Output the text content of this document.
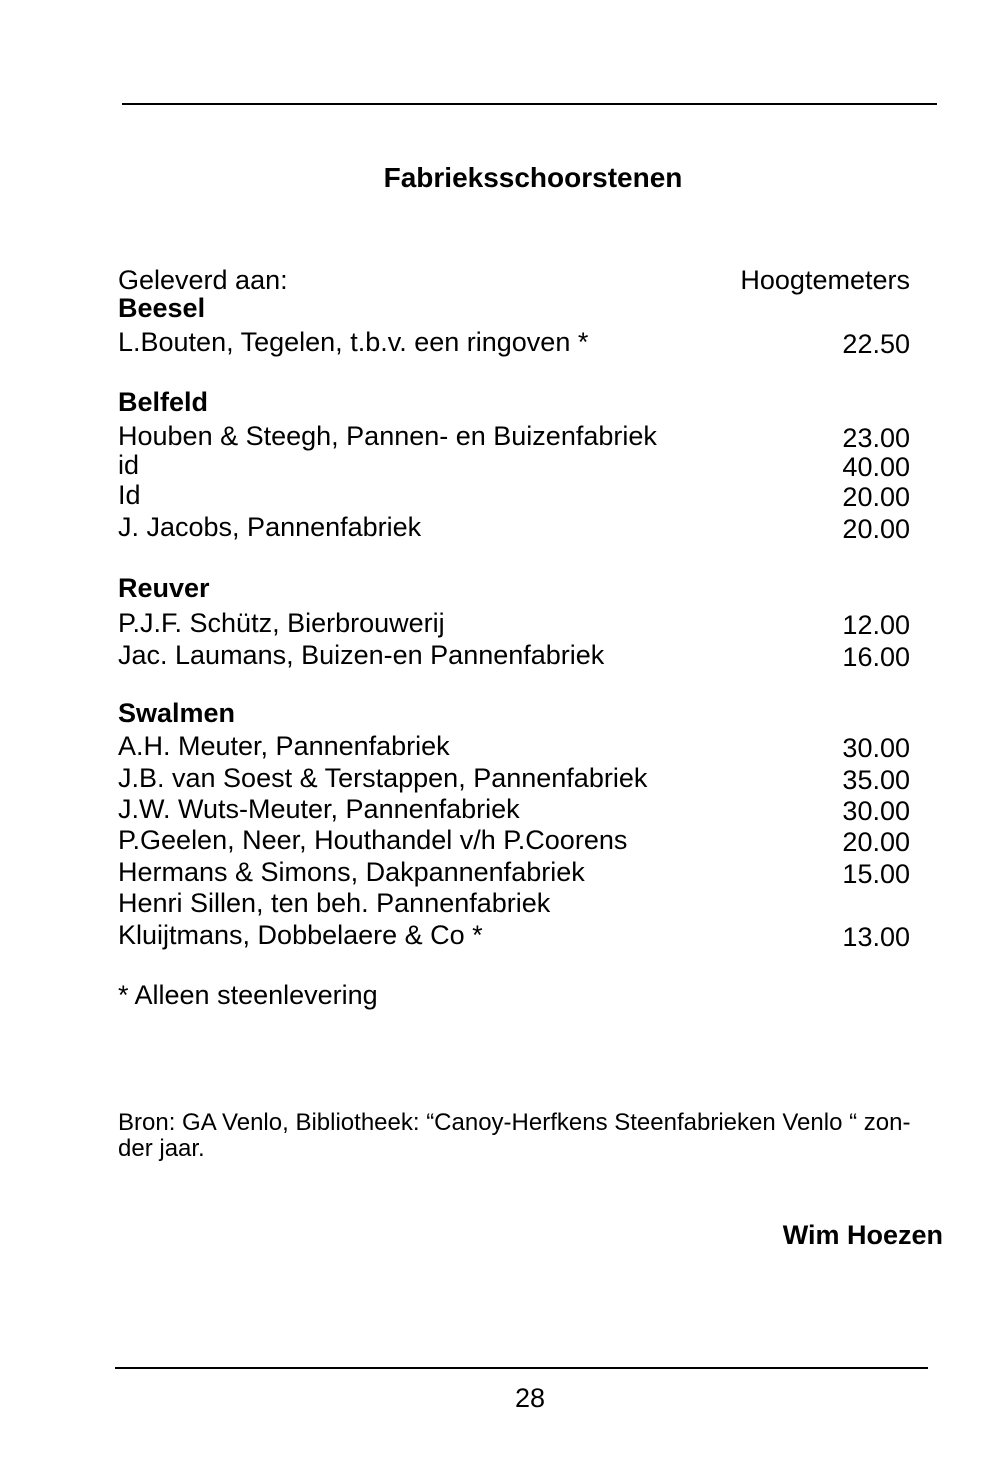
Fabrieksschoorstenen
Geleverd aan:	Hoogtemeters
Beesel
L.Bouten, Tegelen, t.b.v. een ringoven *	22.50
Belfeld
Houben & Steegh, Pannen- en Buizenfabriek	23.00
id	40.00
Id	20.00
J. Jacobs, Pannenfabriek	20.00
Reuver
P.J.F. Schütz, Bierbrouwerij	12.00
Jac. Laumans, Buizen-en Pannenfabriek	16.00
Swalmen
A.H. Meuter, Pannenfabriek	30.00
J.B. van Soest & Terstappen, Pannenfabriek	35.00
J.W. Wuts-Meuter, Pannenfabriek	30.00
P.Geelen, Neer, Houthandel v/h P.Coorens	20.00
Hermans & Simons, Dakpannenfabriek	15.00
Henri Sillen, ten beh. Pannenfabriek
Kluijtmans, Dobbelaere & Co *	13.00
* Alleen steenlevering
Bron: GA Venlo, Bibliotheek: “Canoy-Herfkens Steenfabrieken Venlo “ zon-
der jaar.
Wim Hoezen
28
